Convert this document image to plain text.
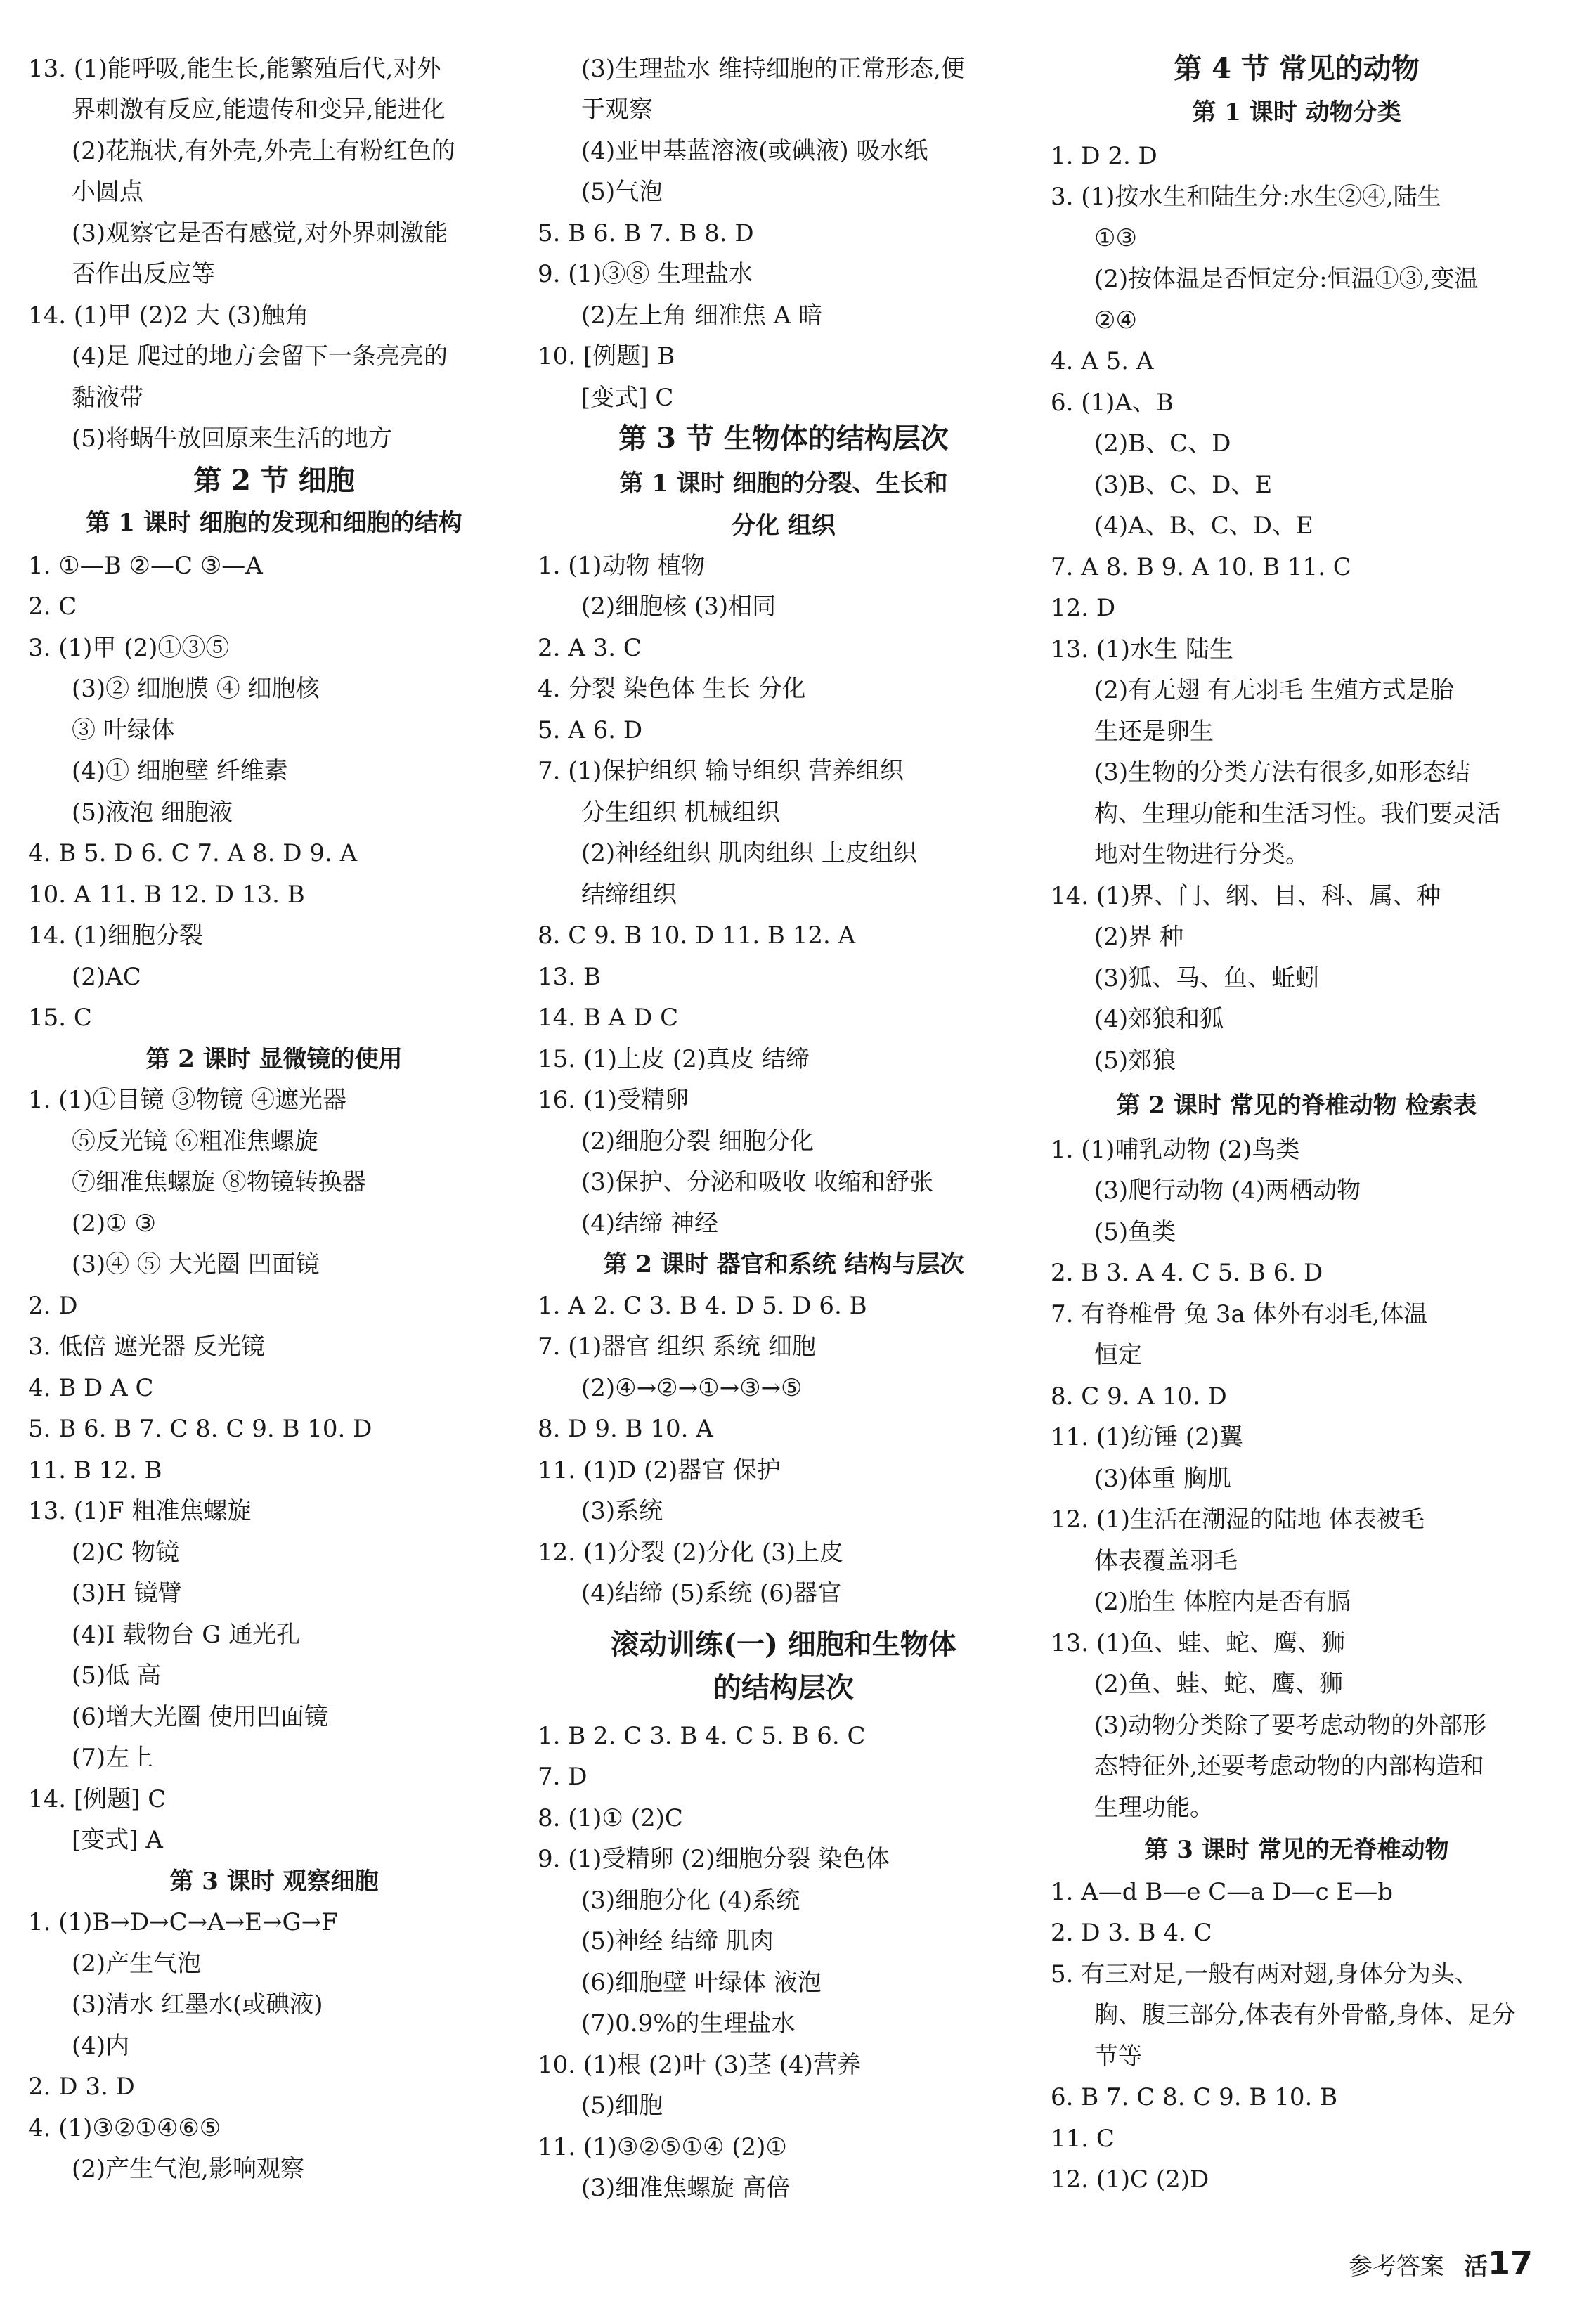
13. (1)能呼吸,能生长,能繁殖后代,对外
界刺激有反应,能遗传和变异,能进化
(2)花瓶状,有外壳,外壳上有粉红色的
小圆点
(3)观察它是否有感觉,对外界刺激能
否作出反应等
14. (1)甲 (2)2 大 (3)触角
(4)足 爬过的地方会留下一条亮亮的
黏液带
(5)将蜗牛放回原来生活的地方
第 2 节 细胞
第 1 课时 细胞的发现和细胞的结构
1. ①—B ②—C ③—A
2. C
3. (1)甲 (2)①③⑤
(3)② 细胞膜 ④ 细胞核
③ 叶绿体
(4)① 细胞壁 纤维素
(5)液泡 细胞液
4. B 5. D 6. C 7. A 8. D 9. A
10. A 11. B 12. D 13. B
14. (1)细胞分裂
(2)AC
15. C
第 2 课时 显微镜的使用
1. (1)①目镜 ③物镜 ④遮光器
⑤反光镜 ⑥粗准焦螺旋
⑦细准焦螺旋 ⑧物镜转换器
(2)① ③
(3)④ ⑤ 大光圈 凹面镜
2. D
3. 低倍 遮光器 反光镜
4. B D A C
5. B 6. B 7. C 8. C 9. B 10. D
11. B 12. B
13. (1)F 粗准焦螺旋
(2)C 物镜
(3)H 镜臂
(4)I 载物台 G 通光孔
(5)低 高
(6)增大光圈 使用凹面镜
(7)左上
14. [例题] C
[变式] A
第 3 课时 观察细胞
1. (1)B→D→C→A→E→G→F
(2)产生气泡
(3)清水 红墨水(或碘液)
(4)内
2. D 3. D
4. (1)③②①④⑥⑤
(2)产生气泡,影响观察
(3)生理盐水 维持细胞的正常形态,便
于观察
(4)亚甲基蓝溶液(或碘液) 吸水纸
(5)气泡
5. B 6. B 7. B 8. D
9. (1)③⑧ 生理盐水
(2)左上角 细准焦 A 暗
10. [例题] B
[变式] C
第 3 节 生物体的结构层次
第 1 课时 细胞的分裂、生长和
分化 组织
1. (1)动物 植物
(2)细胞核 (3)相同
2. A 3. C
4. 分裂 染色体 生长 分化
5. A 6. D
7. (1)保护组织 输导组织 营养组织
分生组织 机械组织
(2)神经组织 肌肉组织 上皮组织
结缔组织
8. C 9. B 10. D 11. B 12. A
13. B
14. B A D C
15. (1)上皮 (2)真皮 结缔
16. (1)受精卵
(2)细胞分裂 细胞分化
(3)保护、分泌和吸收 收缩和舒张
(4)结缔 神经
第 2 课时 器官和系统 结构与层次
1. A 2. C 3. B 4. D 5. D 6. B
7. (1)器官 组织 系统 细胞
(2)④→②→①→③→⑤
8. D 9. B 10. A
11. (1)D (2)器官 保护
(3)系统
12. (1)分裂 (2)分化 (3)上皮
(4)结缔 (5)系统 (6)器官
滚动训练(一) 细胞和生物体
的结构层次
1. B 2. C 3. B 4. C 5. B 6. C
7. D
8. (1)① (2)C
9. (1)受精卵 (2)细胞分裂 染色体
(3)细胞分化 (4)系统
(5)神经 结缔 肌肉
(6)细胞壁 叶绿体 液泡
(7)0.9%的生理盐水
10. (1)根 (2)叶 (3)茎 (4)营养
(5)细胞
11. (1)③②⑤①④ (2)①
(3)细准焦螺旋 高倍
第 4 节 常见的动物
第 1 课时 动物分类
1. D 2. D
3. (1)按水生和陆生分:水生②④,陆生
①③
(2)按体温是否恒定分:恒温①③,变温
②④
4. A 5. A
6. (1)A、B
(2)B、C、D
(3)B、C、D、E
(4)A、B、C、D、E
7. A 8. B 9. A 10. B 11. C
12. D
13. (1)水生 陆生
(2)有无翅 有无羽毛 生殖方式是胎
生还是卵生
(3)生物的分类方法有很多,如形态结
构、生理功能和生活习性。我们要灵活
地对生物进行分类。
14. (1)界、门、纲、目、科、属、种
(2)界 种
(3)狐、马、鱼、蚯蚓
(4)郊狼和狐
(5)郊狼
第 2 课时 常见的脊椎动物 检索表
1. (1)哺乳动物 (2)鸟类
(3)爬行动物 (4)两栖动物
(5)鱼类
2. B 3. A 4. C 5. B 6. D
7. 有脊椎骨 兔 3a 体外有羽毛,体温
恒定
8. C 9. A 10. D
11. (1)纺锤 (2)翼
(3)体重 胸肌
12. (1)生活在潮湿的陆地 体表被毛
体表覆盖羽毛
(2)胎生 体腔内是否有膈
13. (1)鱼、蛙、蛇、鹰、狮
(2)鱼、蛙、蛇、鹰、狮
(3)动物分类除了要考虑动物的外部形
态特征外,还要考虑动物的内部构造和
生理功能。
第 3 课时 常见的无脊椎动物
1. A—d B—e C—a D—c E—b
2. D 3. B 4. C
5. 有三对足,一般有两对翅,身体分为头、
胸、腹三部分,体表有外骨骼,身体、足分
节等
6. B 7. C 8. C 9. B 10. B
11. C
12. (1)C (2)D
参考答案 活17
